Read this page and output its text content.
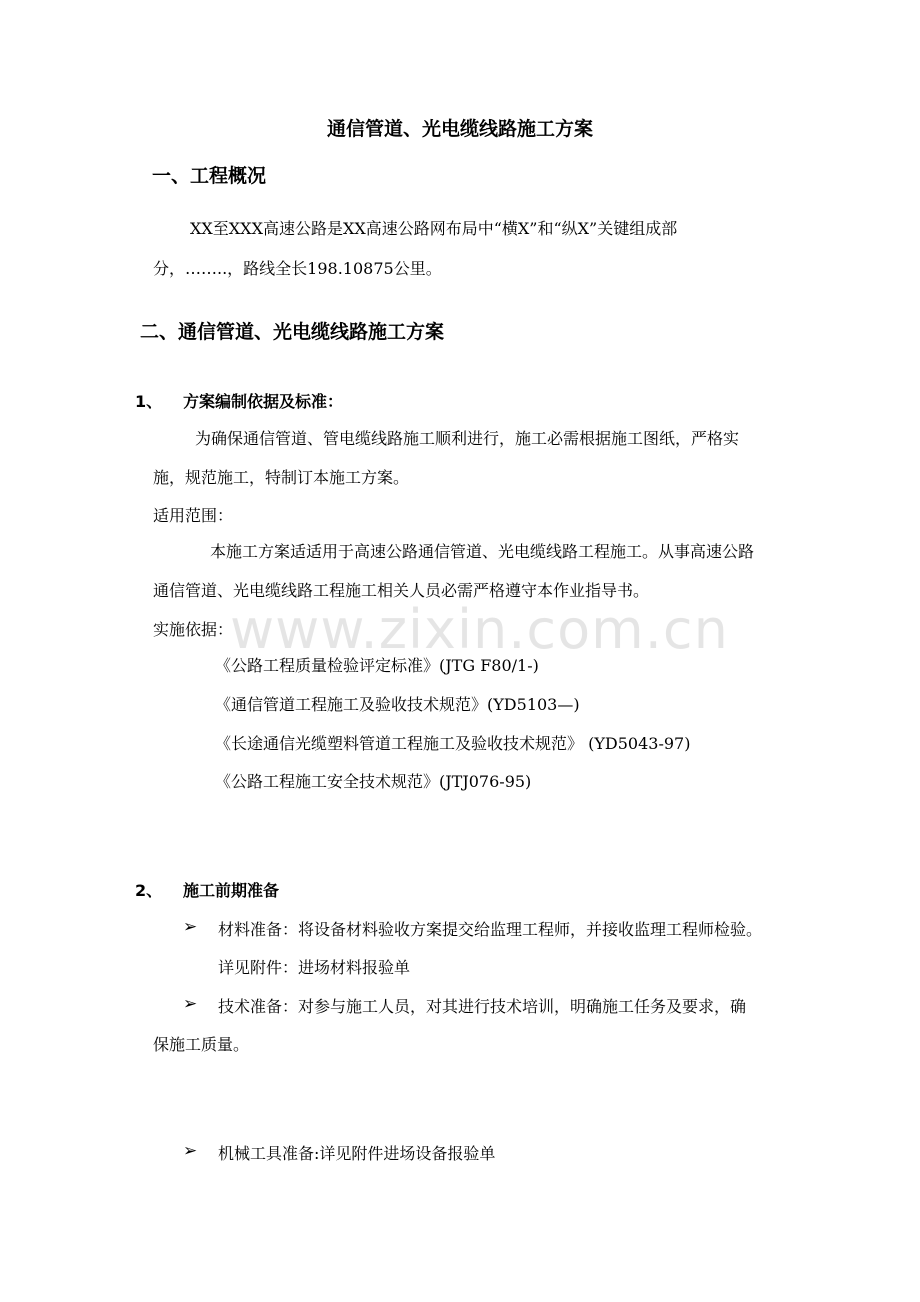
通信管道、光电缆线路施工方案
一、工程概况
XX至XXX高速公路是XX高速公路网布局中“横X”和“纵X”关键组成部
分，……..，路线全长198.10875公里。
二、通信管道、光电缆线路施工方案
1、 方案编制依据及标准：
为确保通信管道、管电缆线路施工顺利进行，施工必需根据施工图纸，严格实
施，规范施工，特制订本施工方案。
适用范围：
本施工方案适适用于高速公路通信管道、光电缆线路工程施工。从事高速公路
通信管道、光电缆线路工程施工相关人员必需严格遵守本作业指导书。
www.zixin.com.cn
实施依据：
《公路工程质量检验评定标准》(JTG F80/1-)
《通信管道工程施工及验收技术规范》(YD5103—)
《长途通信光缆塑料管道工程施工及验收技术规范》 (YD5043-97)
《公路工程施工安全技术规范》(JTJ076-95)
2、 施工前期准备
➢ 材料准备：将设备材料验收方案提交给监理工程师，并接收监理工程师检验。
详见附件：进场材料报验单
➢ 技术准备：对参与施工人员，对其进行技术培训，明确施工任务及要求，确
保施工质量。
➢ 机械工具准备:详见附件进场设备报验单
